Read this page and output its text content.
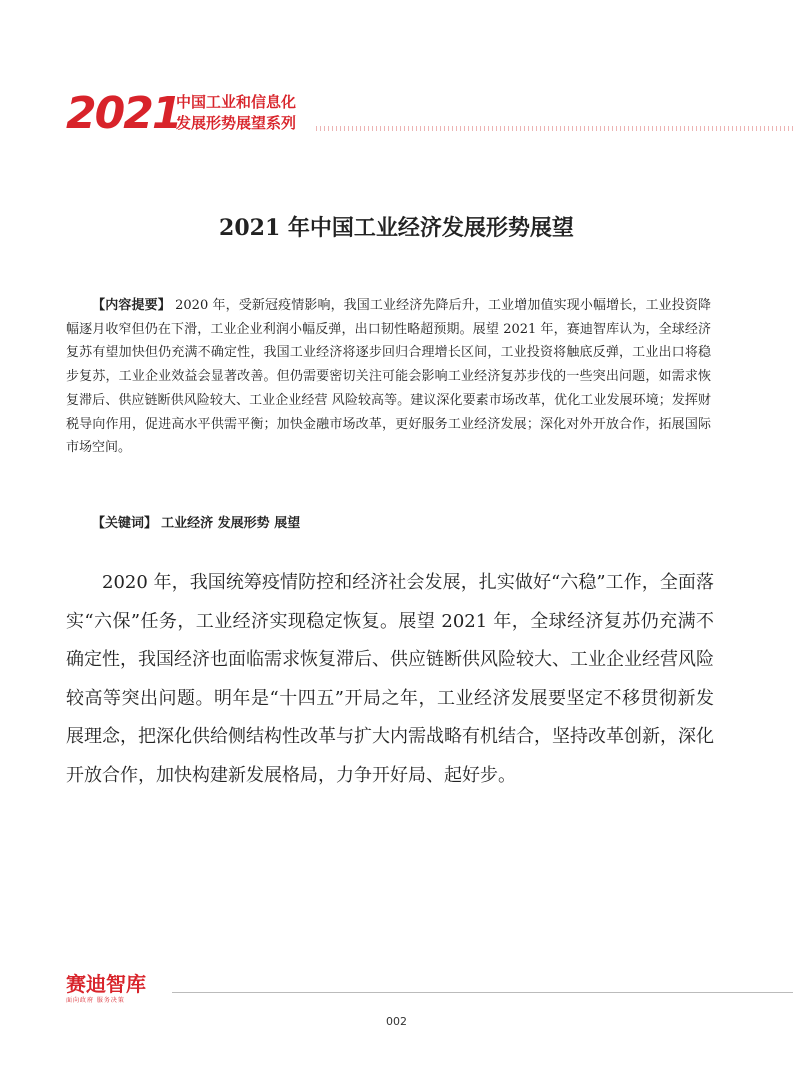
2021
中国工业和信息化
发展形势展望系列
2021 年中国工业经济发展形势展望

【内容提要】 2020 年，受新冠疫情影响，我国工业经济先降后升，工业增加值实现小幅增长，工业投资降幅逐月收窄但仍在下滑，工业企业利润小幅反弹，出口韧性略超预期。展望 2021 年，赛迪智库认为，全球经济复苏有望加快但仍充满不确定性，我国工业经济将逐步回归合理增长区间，工业投资将触底反弹，工业出口将稳步复苏，工业企业效益会显著改善。但仍需要密切关注可能会影响工业经济复苏步伐的一些突出问题，如需求恢复滞后、供应链断供风险较大、工业企业经营 风险较高等。建议深化要素市场改革，优化工业发展环境；发挥财税导向作用，促进高水平供需平衡；加快金融市场改革，更好服务工业经济发展；深化对外开放合作，拓展国际市场空间。

【关键词】 工业经济 发展形势 展望

2020 年，我国统筹疫情防控和经济社会发展，扎实做好“六稳”工作，全面落实“六保”任务，工业经济实现稳定恢复。展望 2021 年，全球经济复苏仍充满不确定性，我国经济也面临需求恢复滞后、供应链断供风险较大、工业企业经营风险较高等突出问题。明年是“十四五”开局之年，工业经济发展要坚定不移贯彻新发展理念，把深化供给侧结构性改革与扩大内需战略有机结合，坚持改革创新，深化开放合作，加快构建新发展格局，力争开好局、起好步。

赛迪智库
面向政府 服务决策
002
